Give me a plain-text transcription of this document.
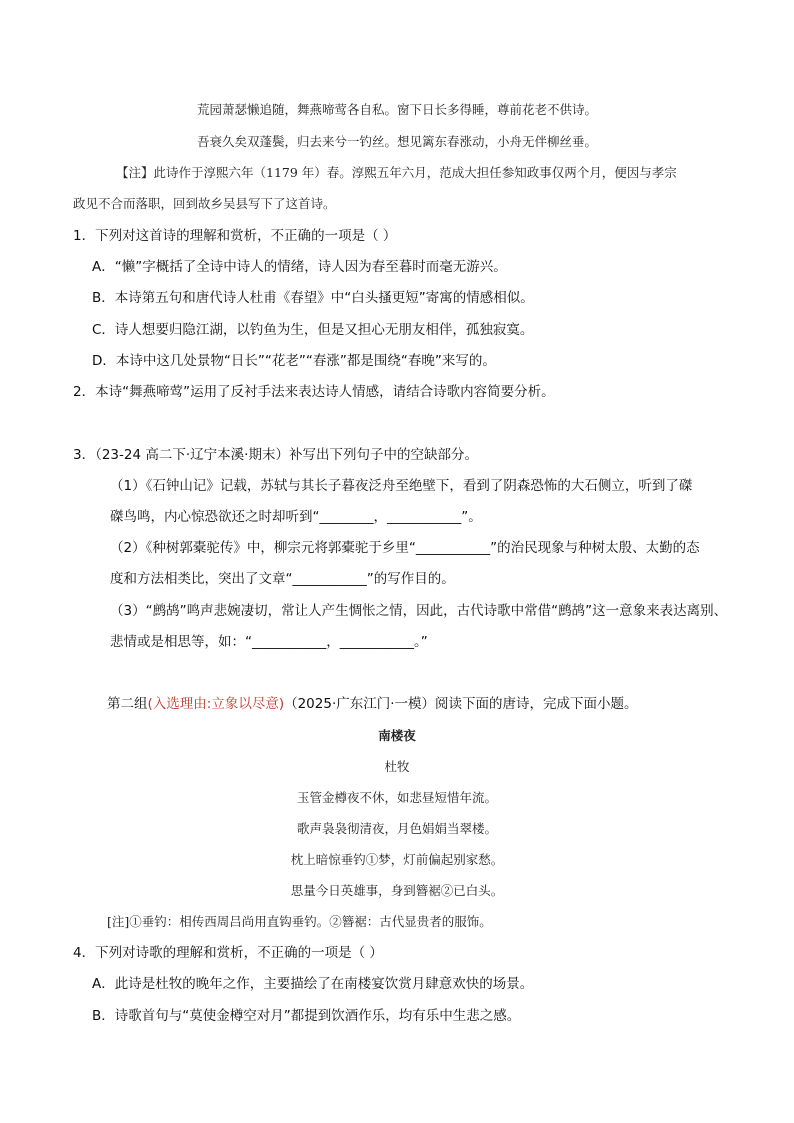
荒园萧瑟懒追随，舞燕啼莺各自私。窗下日长多得睡，尊前花老不供诗。
吾衰久矣双蓬鬓，归去来兮一钓丝。想见篱东春涨动，小舟无伴柳丝垂。
【注】此诗作于淳熙六年（1179 年）春。淳熙五年六月，范成大担任参知政事仅两个月，便因与孝宗
政见不合而落职，回到故乡吴县写下了这首诗。
1．下列对这首诗的理解和赏析，不正确的一项是（ ）
A．“懒”字概括了全诗中诗人的情绪，诗人因为春至暮时而毫无游兴。
B．本诗第五句和唐代诗人杜甫《春望》中“白头搔更短”寄寓的情感相似。
C．诗人想要归隐江湖，以钓鱼为生，但是又担心无朋友相伴，孤独寂寞。
D．本诗中这几处景物“日长”“花老”“春涨”都是围绕“春晚”来写的。
2．本诗“舞燕啼莺”运用了反衬手法来表达诗人情感，请结合诗歌内容简要分析。
3．（23-24 高二下·辽宁本溪·期末）补写出下列句子中的空缺部分。
（1）《石钟山记》记载，苏轼与其长子暮夜泛舟至绝壁下，看到了阴森恐怖的大石侧立，听到了磔
磔鸟鸣，内心惊恐欲还之时却听到“________，___________”。
（2）《种树郭橐驼传》中，柳宗元将郭橐驼于乡里“___________”的治民现象与种树太殷、太勤的态
度和方法相类比，突出了文章“___________”的写作目的。
（3）“鹧鸪”鸣声悲婉凄切，常让人产生惆怅之情，因此，古代诗歌中常借“鹧鸪”这一意象来表达离别、
悲情或是相思等，如：“___________，___________。”
第二组(入选理由:立象以尽意)（2025·广东江门·一模）阅读下面的唐诗，完成下面小题。
南楼夜
杜牧
玉管金樽夜不休，如悲昼短惜年流。
歌声袅袅彻清夜，月色娟娟当翠楼。
枕上暗惊垂钓①梦，灯前偏起别家愁。
思量今日英雄事，身到簪裾②已白头。
[注]①垂钓：相传西周吕尚用直钩垂钓。②簪裾：古代显贵者的服饰。
4．下列对诗歌的理解和赏析，不正确的一项是（ ）
A．此诗是杜牧的晚年之作，主要描绘了在南楼宴饮赏月肆意欢快的场景。
B．诗歌首句与“莫使金樽空对月”都提到饮酒作乐，均有乐中生悲之感。
